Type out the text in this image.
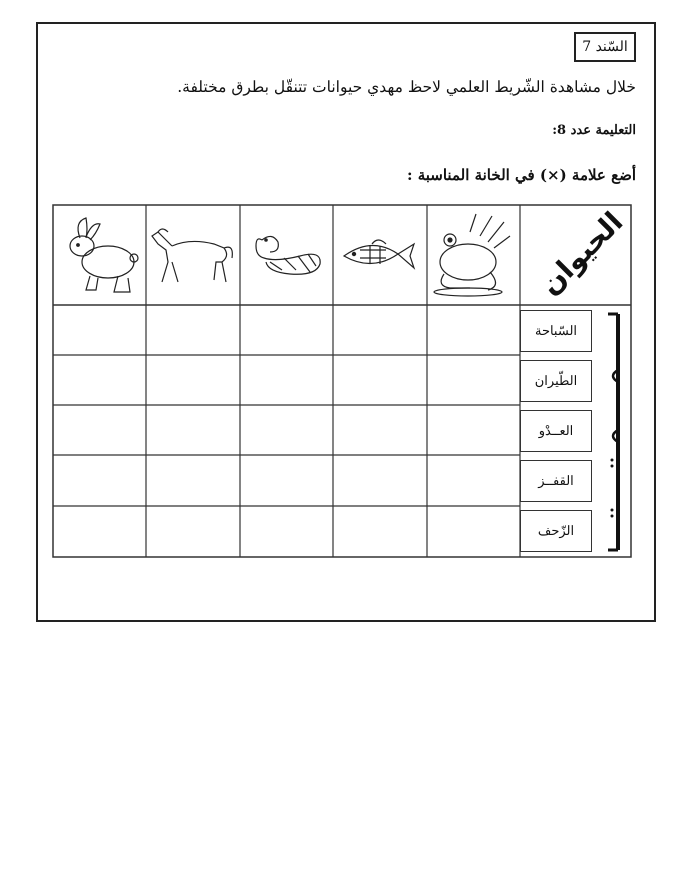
السّند 7
خلال مشاهدة الشّريط العلمي لاحظ مهدي حيوانات تتنقّل بطرق مختلفة.
التعليمة عدد 8:
أضع علامة (×) في الخانة المناسبة :
الحيوان
السّباحة
الطّيران
العــدْو
القفــز
الزّحف
